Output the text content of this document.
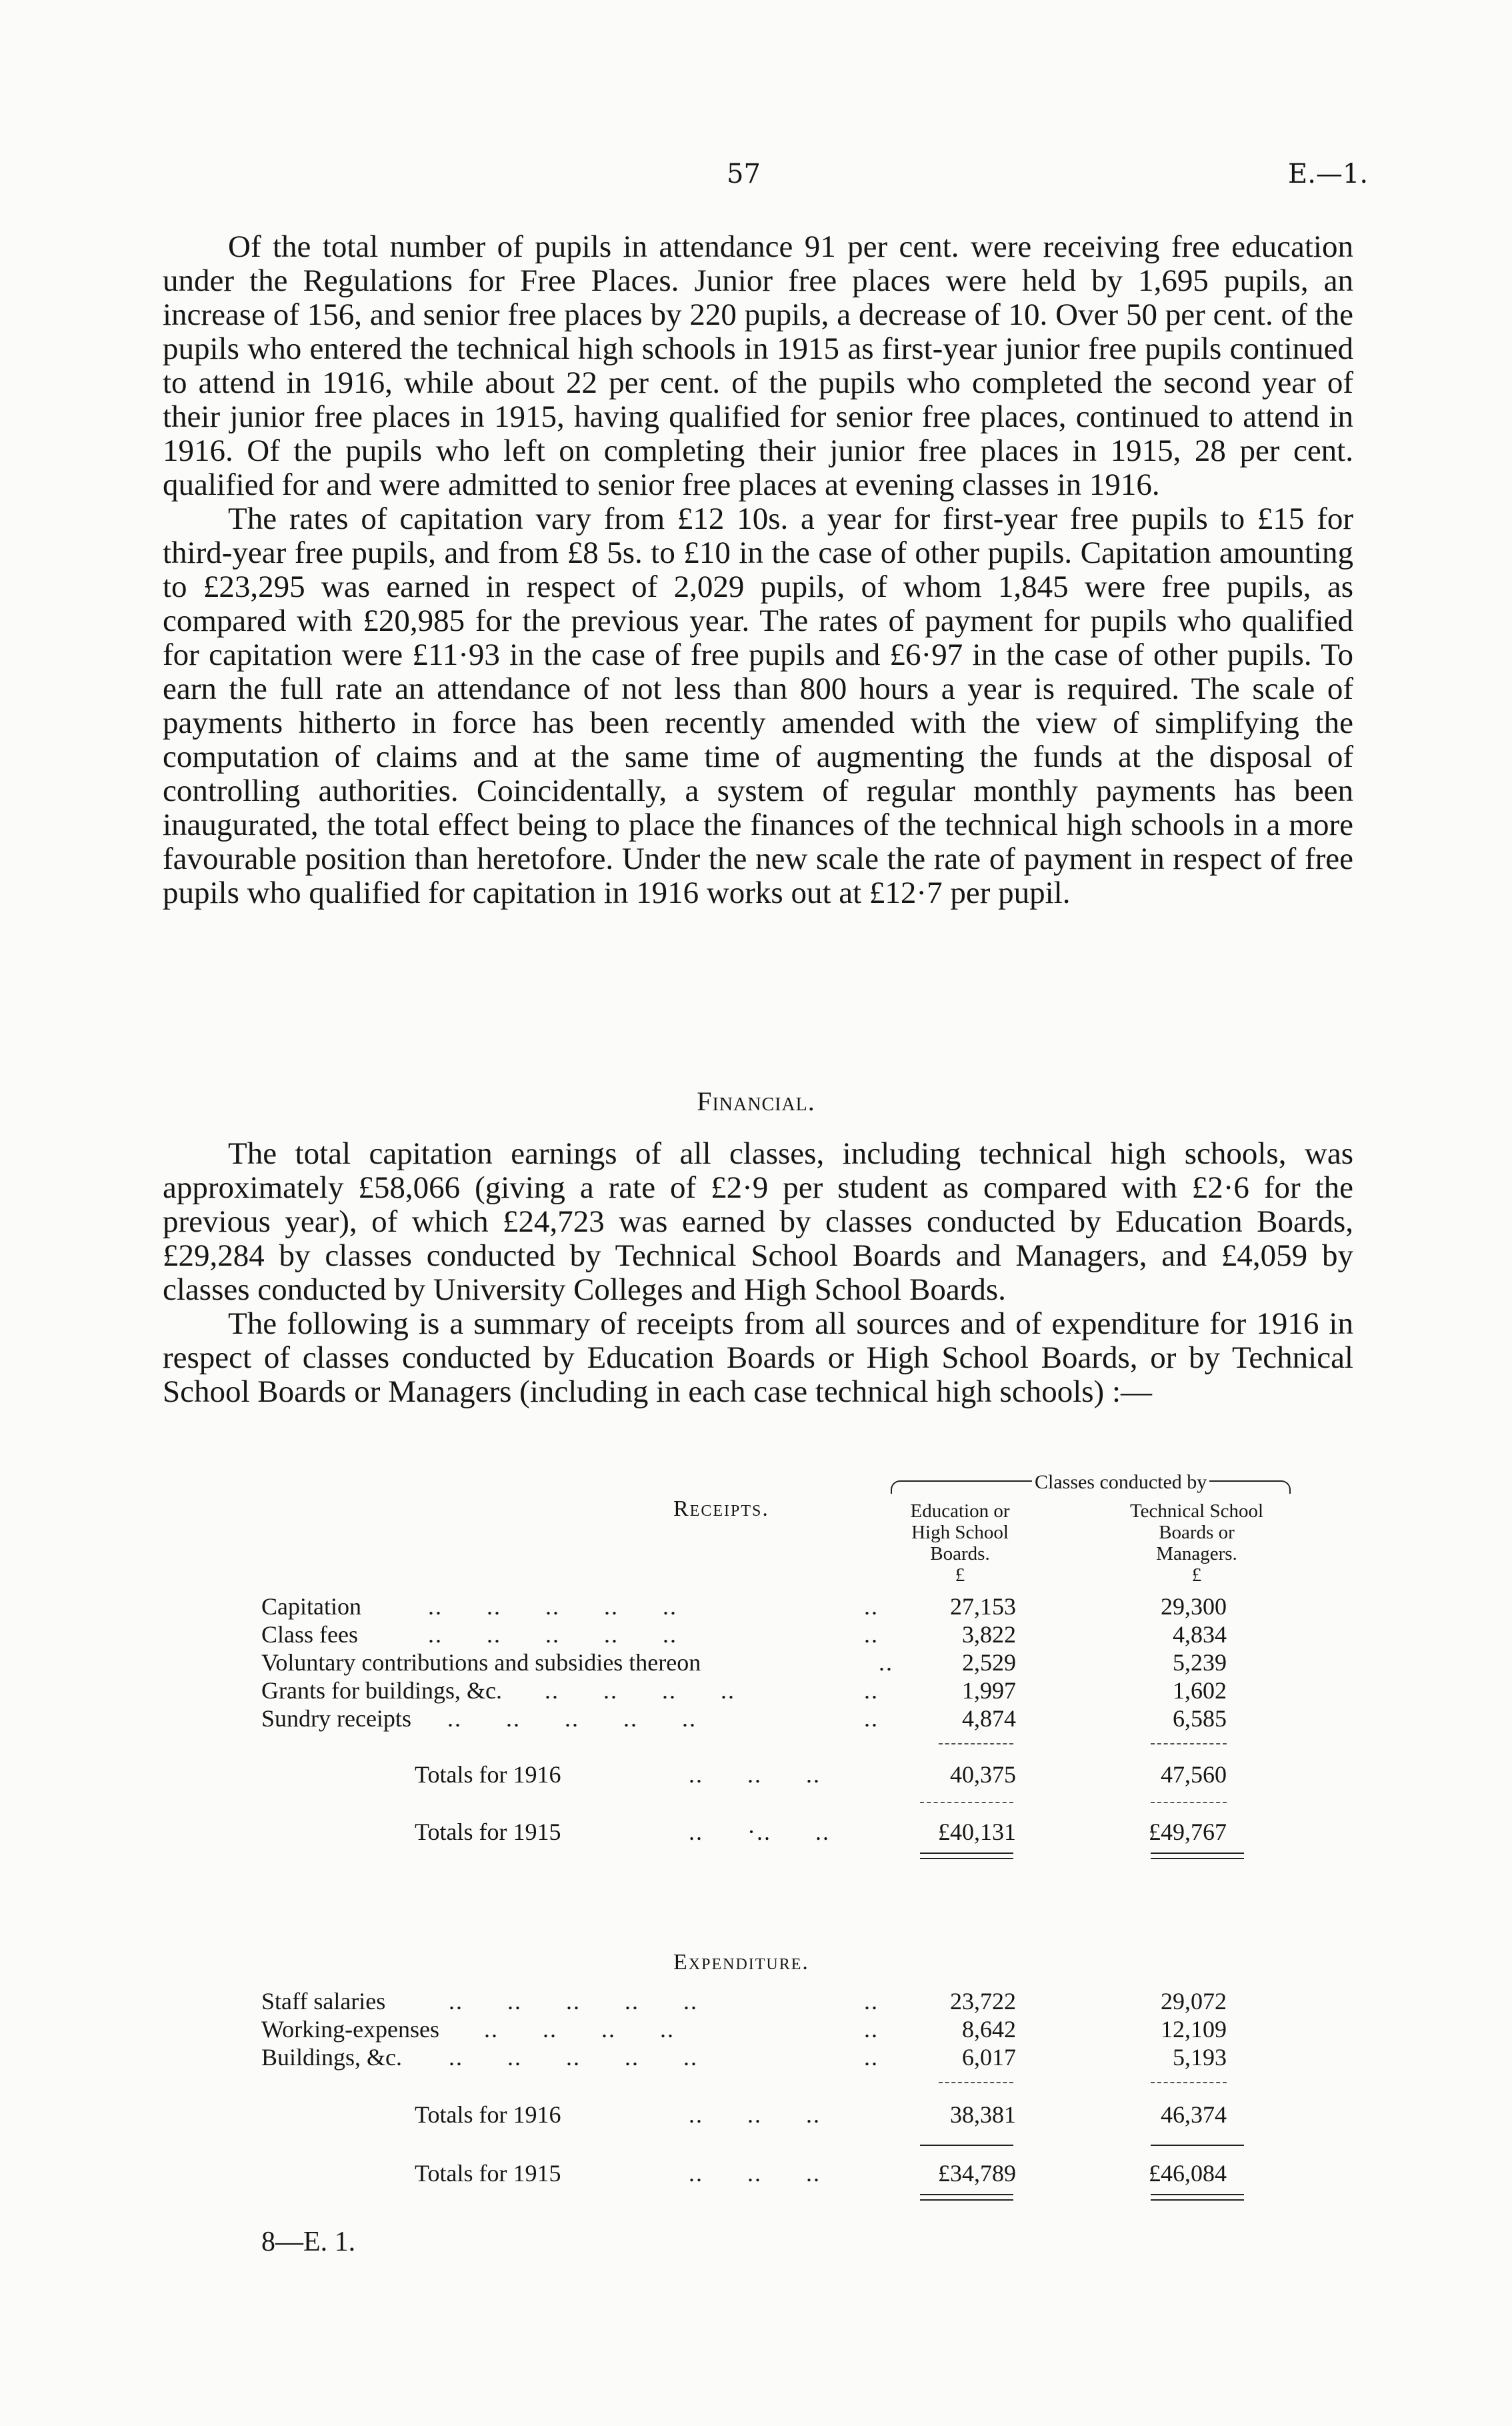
57	E.—1.

Of the total number of pupils in attendance 91 per cent. were receiving free education under the Regulations for Free Places. Junior free places were held by 1,695 pupils, an increase of 156, and senior free places by 220 pupils, a decrease of 10. Over 50 per cent. of the pupils who entered the technical high schools in 1915 as first-year junior free pupils continued to attend in 1916, while about 22 per cent. of the pupils who completed the second year of their junior free places in 1915, having qualified for senior free places, continued to attend in 1916. Of the pupils who left on completing their junior free places in 1915, 28 per cent. qualified for and were admitted to senior free places at evening classes in 1916.

The rates of capitation vary from £12 10s. a year for first-year free pupils to £15 for third-year free pupils, and from £8 5s. to £10 in the case of other pupils. Capitation amounting to £23,295 was earned in respect of 2,029 pupils, of whom 1,845 were free pupils, as compared with £20,985 for the previous year. The rates of payment for pupils who qualified for capitation were £11·93 in the case of free pupils and £6·97 in the case of other pupils. To earn the full rate an attendance of not less than 800 hours a year is required. The scale of payments hitherto in force has been recently amended with the view of simplifying the computation of claims and at the same time of augmenting the funds at the disposal of controlling authorities. Coincidentally, a system of regular monthly payments has been inaugurated, the total effect being to place the finances of the technical high schools in a more favourable position than heretofore. Under the new scale the rate of payment in respect of free pupils who qualified for capitation in 1916 works out at £12·7 per pupil.

Financial.

The total capitation earnings of all classes, including technical high schools, was approximately £58,066 (giving a rate of £2·9 per student as compared with £2·6 for the previous year), of which £24,723 was earned by classes conducted by Education Boards, £29,284 by classes conducted by Technical School Boards and Managers, and £4,059 by classes conducted by University Colleges and High School Boards.

The following is a summary of receipts from all sources and of expenditure for 1916 in respect of classes conducted by Education Boards or High School Boards, or by Technical School Boards or Managers (including in each case technical high schools) :—

Receipts.
Classes conducted by
Education or
High School
Boards.
£
Technical School
Boards or
Managers.
£
Capitation ..      ..      ..      ..      ..	..	27,153	29,300
Class fees ..      ..      ..      ..      ..	..	3,822	4,834
Voluntary contributions and subsidies thereon	..	2,529	5,239
Grants for buildings, &c. ..      ..      ..      ..	..	1,997	1,602
Sundry receipts ..      ..      ..      ..      ..	..	4,874	6,585
Totals for 1916	..      ..      ..	40,375	47,560
Totals for 1915	..      ·..      ..	£40,131	£49,767
Expenditure.
Staff salaries ..      ..      ..      ..      ..	..	23,722	29,072
Working-expenses ..      ..      ..      ..	..	8,642	12,109
Buildings, &c. ..      ..      ..      ..      ..	..	6,017	5,193
Totals for 1916	..      ..      ..	38,381	46,374
Totals for 1915	..      ..      ..	£34,789	£46,084
8—E. 1.
